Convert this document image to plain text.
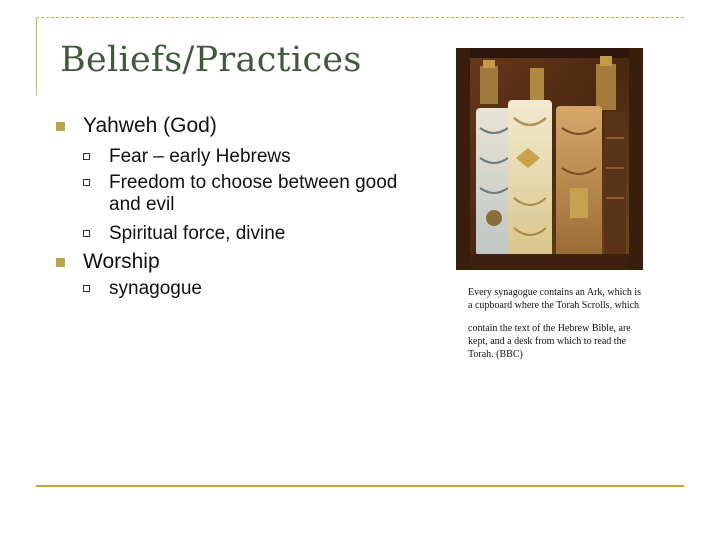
Beliefs/Practices
Yahweh (God)
Fear – early Hebrews
Freedom to choose between good
and evil
Spiritual force, divine
Worship
synagogue	Every synagogue contains an Ark, which is
a cupboard where the Torah Scrolls, which
contain the text of the Hebrew Bible, are
kept, and a desk from which to read the
Torah. (BBC)
